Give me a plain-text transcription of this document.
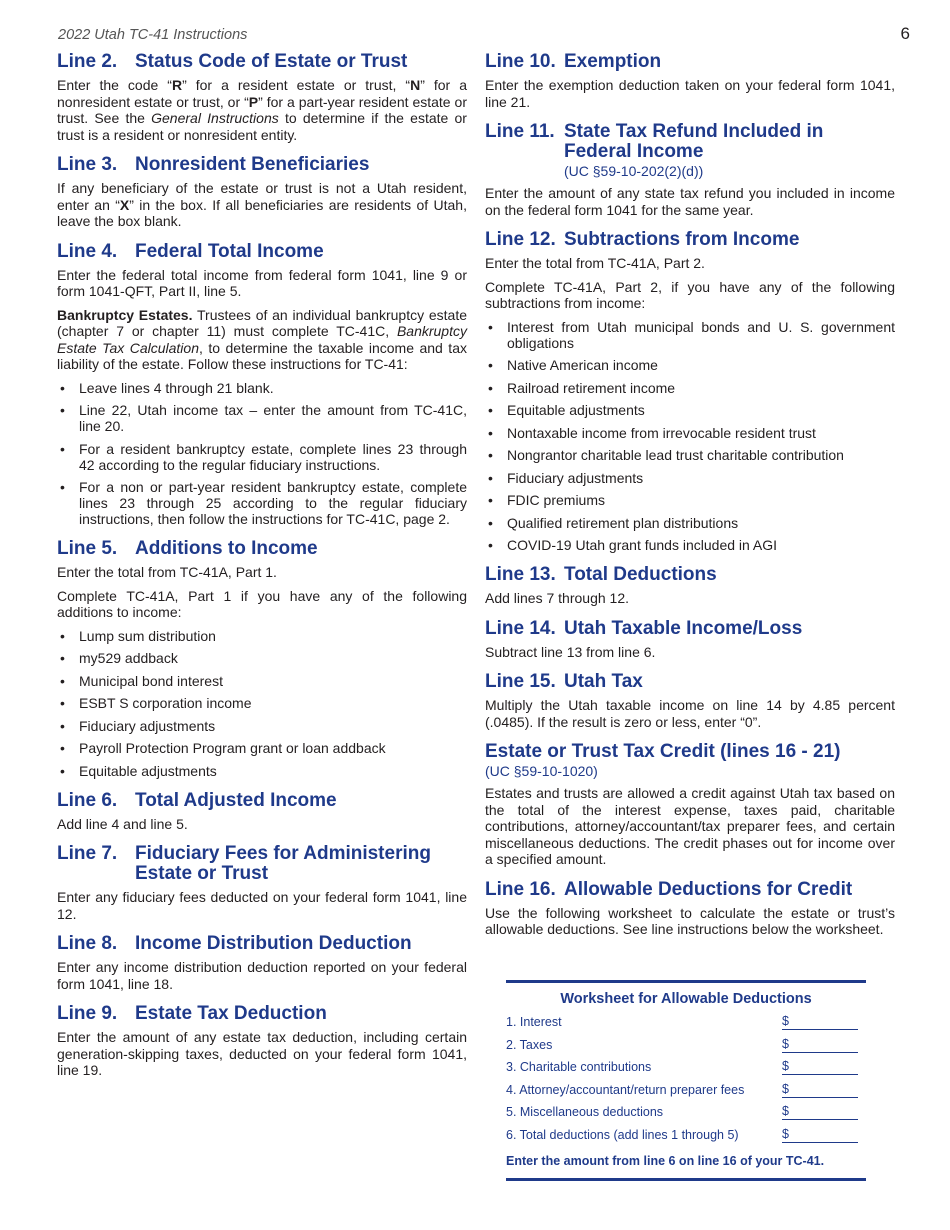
2022 Utah TC-41 Instructions	6
Line 2. Status Code of Estate or Trust

Enter the code “R” for a resident estate or trust, “N” for a nonresident estate or trust, or “P” for a part-year resident estate or trust. See the General Instructions to determine if the estate or trust is a resident or nonresident entity.

Line 3. Nonresident Beneficiaries

If any beneficiary of the estate or trust is not a Utah resident, enter an “X” in the box. If all beneficiaries are residents of Utah, leave the box blank.

Line 4. Federal Total Income

Enter the federal total income from federal form 1041, line 9 or form 1041-QFT, Part II, line 5.

Bankruptcy Estates. Trustees of an individual bankruptcy estate (chapter 7 or chapter 11) must complete TC-41C, Bankruptcy Estate Tax Calculation, to determine the taxable income and tax liability of the estate. Follow these instructions for TC-41:

• Leave lines 4 through 21 blank.
• Line 22, Utah income tax – enter the amount from TC-41C, line 20.
• For a resident bankruptcy estate, complete lines 23 through 42 according to the regular fiduciary instructions.
• For a non or part-year resident bankruptcy estate, complete lines 23 through 25 according to the regular fiduciary instructions, then follow the instructions for TC-41C, page 2.
Line 5. Additions to Income

Enter the total from TC-41A, Part 1.

Complete TC-41A, Part 1 if you have any of the following additions to income:

• Lump sum distribution
• my529 addback
• Municipal bond interest
• ESBT S corporation income
• Fiduciary adjustments
• Payroll Protection Program grant or loan addback
• Equitable adjustments
Line 6. Total Adjusted Income

Add line 4 and line 5.

Line 7. Fiduciary Fees for Administering Estate or Trust

Enter any fiduciary fees deducted on your federal form 1041, line 12.

Line 8. Income Distribution Deduction

Enter any income distribution deduction reported on your federal form 1041, line 18.

Line 9. Estate Tax Deduction

Enter the amount of any estate tax deduction, including certain generation-skipping taxes, deducted on your federal form 1041, line 19.

Line 10. Exemption

Enter the exemption deduction taken on your federal form 1041, line 21.

Line 11. State Tax Refund Included in Federal Income
(UC §59-10-202(2)(d))

Enter the amount of any state tax refund you included in income on the federal form 1041 for the same year.

Line 12. Subtractions from Income

Enter the total from TC-41A, Part 2.

Complete TC-41A, Part 2, if you have any of the following subtractions from income:

• Interest from Utah municipal bonds and U. S. government obligations
• Native American income
• Railroad retirement income
• Equitable adjustments
• Nontaxable income from irrevocable resident trust
• Nongrantor charitable lead trust charitable contribution
• Fiduciary adjustments
• FDIC premiums
• Qualified retirement plan distributions
• COVID-19 Utah grant funds included in AGI
Line 13. Total Deductions

Add lines 7 through 12.

Line 14. Utah Taxable Income/Loss

Subtract line 13 from line 6.

Line 15. Utah Tax

Multiply the Utah taxable income on line 14 by 4.85 percent (.0485). If the result is zero or less, enter “0”.

Estate or Trust Tax Credit (lines 16 - 21)
(UC §59-10-1020)

Estates and trusts are allowed a credit against Utah tax based on the total of the interest expense, taxes paid, charitable contributions, attorney/accountant/tax preparer fees, and certain miscellaneous deductions. The credit phases out for income over a specified amount.

Line 16. Allowable Deductions for Credit

Use the following worksheet to calculate the estate or trust’s allowable deductions. See line instructions below the worksheet.

Worksheet for Allowable Deductions
1. Interest	$
2. Taxes	$
3. Charitable contributions	$
4. Attorney/accountant/return preparer fees	$
5. Miscellaneous deductions	$
6. Total deductions (add lines 1 through 5)	$
Enter the amount from line 6 on line 16 of your TC-41.
